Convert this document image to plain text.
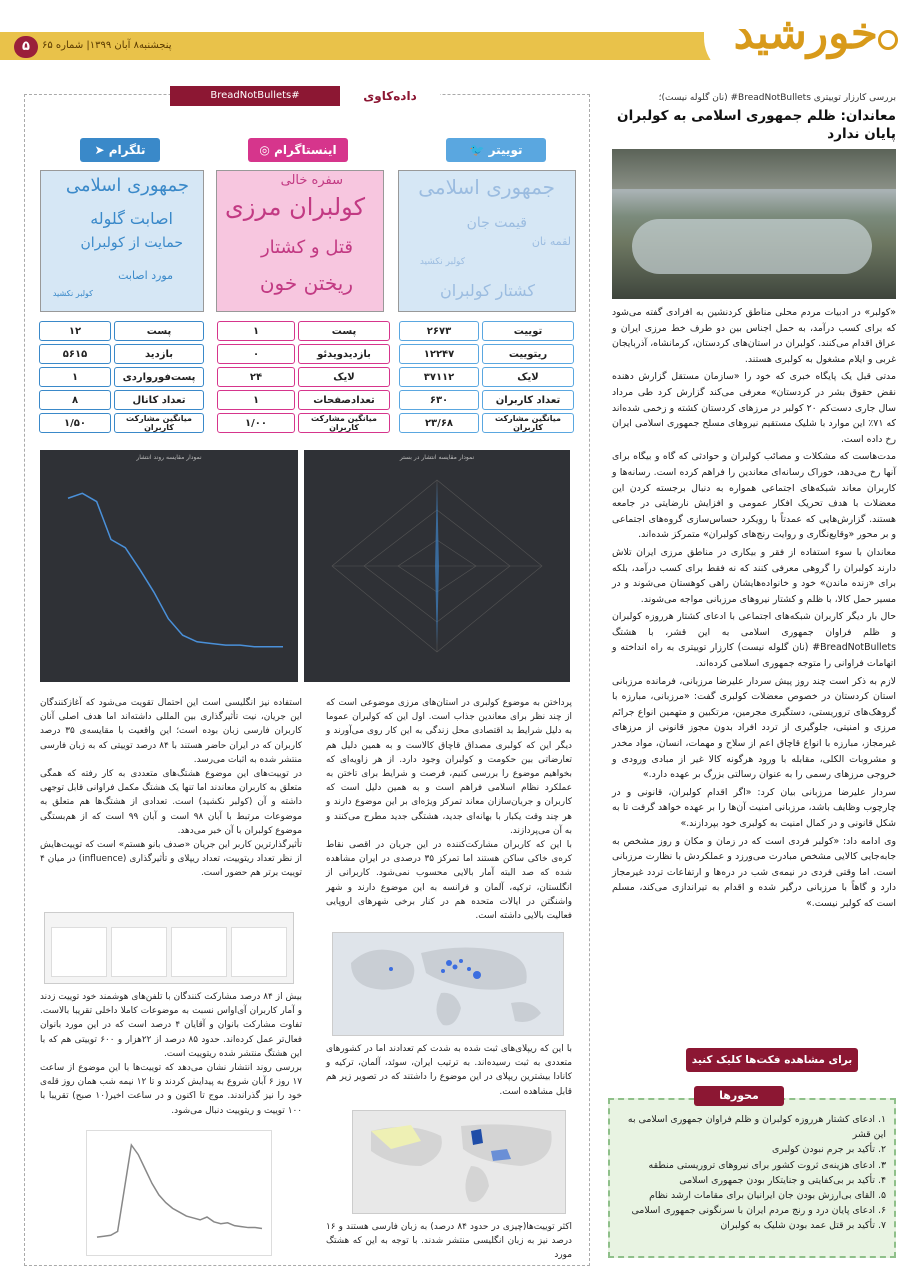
۵	پنجشنبه۸ آبان ۱۳۹۹| شماره ۶۵	خورشید
بررسی کارزار توییتری BreadNotBullets# (نان گلوله نیست)؛
معاندان: ظلم جمهوری اسلامی به کولبران پایان ندارد

«کولبر» در ادبیات مردم محلی مناطق کردنشین به افرادی گفته می‌شود که برای کسب درآمد، به حمل اجناس بین دو طرف خط مرزی ایران و عراق اقدام می‌کنند. کولبران در استان‌های کردستان، کرمانشاه، آذربایجان غربی و ایلام مشغول به کولبری هستند.

مدتی قبل یک پایگاه خبری که خود را «سازمان مستقل گزارش دهنده نقض حقوق بشر در کردستان» معرفی می‌کند گزارش کرد طی مرداد سال جاری دست‌کم ۲۰ کولبر در مرزهای کردستان کشته و زخمی شده‌اند که ۷۱٪ این موارد با شلیک مستقیم نیروهای مسلح جمهوری اسلامی ایران رخ داده است.

مدت‌هاست که مشکلات و مصائب کولبران و حوادثی که گاه و بیگاه برای آنها رخ می‌دهد، خوراک رسانه‌ای معاندین را فراهم کرده است. رسانه‌ها و کاربران معاند شبکه‌های اجتماعی همواره به دنبال برجسته کردن این معضلات با هدف تحریک افکار عمومی و افزایش نارضایتی در جامعه هستند. گزارش‌هایی که عمدتاً با رویکرد حساس‌سازی گروه‌های اجتماعی و بر محور «وقایع‌نگاری و روایت رنج‌های کولبران» متمرکز شده‌اند.

معاندان با سوء استفاده از فقر و بیکاری در مناطق مرزی ایران تلاش دارند کولبران را گروهی معرفی کنند که نه فقط برای کسب درآمد، بلکه برای «زنده ماندن» خود و خانواده‌هایشان راهی کوهستان می‌شوند و در مسیر حمل کالا، با ظلم و کشتار نیروهای مرزبانی مواجه می‌شوند.

حال بار دیگر کاربران شبکه‌های اجتماعی با ادعای کشتار هرروزه کولبران و ظلم فراوان جمهوری اسلامی به این قشر، با هشتگ BreadNotBullets# (نان گلوله نیست) کارزار توییتری به راه انداخته و اتهامات فراوانی را متوجه جمهوری اسلامی کرده‌اند.

لازم به ذکر است چند روز پیش سردار علیرضا مرزبانی، فرمانده مرزبانی استان کردستان در خصوص معضلات کولبری گفت: «مرزبانی، مبارزه با گروهک‌های تروریستی، دستگیری مجرمین، مرتکبین و متهمین انواع جرائم مرزی و امنیتی، جلوگیری از تردد افراد بدون مجوز قانونی از مرزهای غیرمجاز، مبارزه با انواع قاچاق اعم از سلاح و مهمات، انسان، مواد مخدر و مشروبات الکلی، مقابله با ورود هرگونه کالا غیر از مبادی ورودی و خروجی مرزهای رسمی را به عنوان رسالتی بزرگ بر عهده دارد.»

سردار علیرضا مرزبانی بیان کرد: «اگر اقدام کولبران، قانونی و در چارچوب وظایف باشد، مرزبانی امنیت آن‌ها را بر عهده خواهد گرفت تا به شکل قانونی و در کمال امنیت به کولبری خود بپردازند.»

وی ادامه داد: «کولبر فردی است که در زمان و مکان و روز مشخص به جابه‌جایی کالایی مشخص مبادرت می‌ورزد و عملکردش با نظارت مرزبانی است. اما وقتی فردی در نیمه‌ی شب در دره‌ها و ارتفاعات تردد غیرمجاز دارد و گاهاً با مرزبانی درگیر شده و اقدام به تیراندازی می‌کند، مسلم است که کولبر نیست.»

برای مشاهده فکت‌ها کلیک کنید
۱. ادعای کشتار هرروزه کولبران و ظلم فراوان جمهوری اسلامی به این قشر
۲. تأکید بر جرم نبودن کولبری
۳. ادعای هزینه‌ی ثروت کشور برای نیروهای تروریستی منطقه
۴. تأکید بر بی‌کفایتی و جنایتکار بودن جمهوری اسلامی
۵. القای بی‌ارزش بودن جان ایرانیان برای مقامات ارشد نظام
۶. ادعای پایان درد و رنج مردم ایران با سرنگونی جمهوری اسلامی
۷. تأکید بر قتل عمد بودن شلیک به کولبران
محورها
داده‌کاوی
#BreadNotBullets
توییتر 🐦
اینستاگرام ◎
تلگرام ➤
جمهوری اسلامی
قیمت جان
لقمه نان
کولبر نکشید
کشتار کولبران
سفره خالی
کولبران مرزی
قتل و کشتار
ریختن خون
جمهوری اسلامی
اصابت گلوله
حمایت از کولبران
مورد اصابت
کولبر نکشید
توییت	۲۶۷۳
ریتوییت	۱۲۲۴۷
لایک	۳۷۱۱۲
تعداد کاربران	۶۳۰
میانگین مشارکت کاربران	۲۳/۶۸
پست	۱
بازدیدویدئو	۰
لایک	۲۴
تعدادصفحات	۱
میانگین مشارکت کاربران	۱/۰۰
پست	۱۲
بازدید	۵۶۱۵
پست‌فورواردی	۱
تعداد کانال	۸
میانگین مشارکت کاربران	۱/۵۰
نمودار مقایسه روند انتشار	نمودار مقایسه انتشار در بستر

پرداختن به موضوع کولبری در استان‌های مرزی موضوعی است که از چند نظر برای معاندین جذاب است. اول این که کولبران عموما به دلیل شرایط بد اقتصادی محل زندگی به این کار روی می‌آورند و دیگر این که کولبری مصداق قاچاق کالاست و به همین دلیل هم تعارضاتی بین حکومت و کولبران وجود دارد. از هر زاویه‌ای که بخواهیم موضوع را بررسی کنیم، فرصت و شرایط برای تاختن به عملکرد نظام اسلامی فراهم است و به همین دلیل است که کاربران و جریان‌سازان معاند تمرکز ویژه‌ای بر این موضوع دارند و هر چند وقت یکبار با بهانه‌ای جدید، هشتگی جدید مطرح می‌کنند و به آن می‌پردازند.

با این که کاربران مشارکت‌کننده در این جریان در اقصی نقاط کره‌ی خاکی ساکن هستند اما تمرکز ۳۵ درصدی در ایران مشاهده شده که صد البته آمار بالایی محسوب نمی‌شود. کاربرانی از انگلستان، ترکیه، آلمان و فرانسه به این موضوع دارند و شهر واشنگتن در ایالات متحده هم در کنار برخی شهرهای اروپایی فعالیت بالایی داشته است.

با این که ریپلای‌های ثبت شده به شدت کم تعدادند اما در کشورهای متعددی به ثبت رسیده‌اند. به ترتیب ایران، سوئد، آلمان، ترکیه و کانادا بیشترین ریپلای در این موضوع را داشتند که در تصویر زیر هم قابل مشاهده است.

اکثر توییت‌ها(چیزی در حدود ۸۴ درصد) به زبان فارسی هستند و ۱۶ درصد نیز به زبان انگلیسی منتشر شدند. با توجه به این که هشتگ مورد

استفاده نیز انگلیسی است این احتمال تقویت می‌شود که آغازکنندگان این جریان، نیت تأثیرگذاری بین المللی داشته‌اند اما هدف اصلی آنان کاربران فارسی زبان بوده است؛ این واقعیت با مقایسه‌ی ۳۵ درصد کاربران که در ایران حاضر هستند با ۸۴ درصد توییتی که به زبان فارسی منتشر شده به اثبات می‌رسد.

در توییت‌های این موضوع هشتگ‌های متعددی به کار رفته که همگی متعلق به کاربران معاندند اما تنها یک هشتگ مکمل فراوانی قابل توجهی داشته و آن (کولبر نکشید) است. تعدادی از هشتگ‌ها هم متعلق به موضوعات مرتبط با آبان ۹۸ است و آبان ۹۹ است که از هم‌بستگی موضوع کولبران با آن خبر می‌دهد.

تأثیرگذارترین کاربر این جریان «صدف بانو هستم» است که توییت‌هایش از نظر تعداد ریتوییت، تعداد ریپلای و تأثیرگذاری (influence) در میان ۴ توییت برتر هم حضور است.

بیش از ۸۴ درصد مشارکت کنندگان با تلفن‌های هوشمند خود توییت زدند و آمار کاربران آی‌اواس نسبت به موضوعات کاملا داخلی تقریبا بالاست. تفاوت مشارکت بانوان و آقایان ۴ درصد است که در این مورد بانوان فعال‌تر عمل کرده‌اند. حدود ۸۵ درصد از ۲۲هزار و ۶۰۰ توییتی هم که با این هشتگ منتشر شده ریتوییت است.

بررسی روند انتشار نشان می‌دهد که توییت‌ها با این موضوع از ساعت ۱۷ روز ۶ آبان شروع به پیدایش کردند و تا ۱۲ نیمه شب همان روز قله‌ی خود را نیز گذراندند. موج تا اکنون و در ساعت اخیر(۱۰ صبح) تقریبا با ۱۰۰ توییت و ریتوییت دنبال می‌شود.
